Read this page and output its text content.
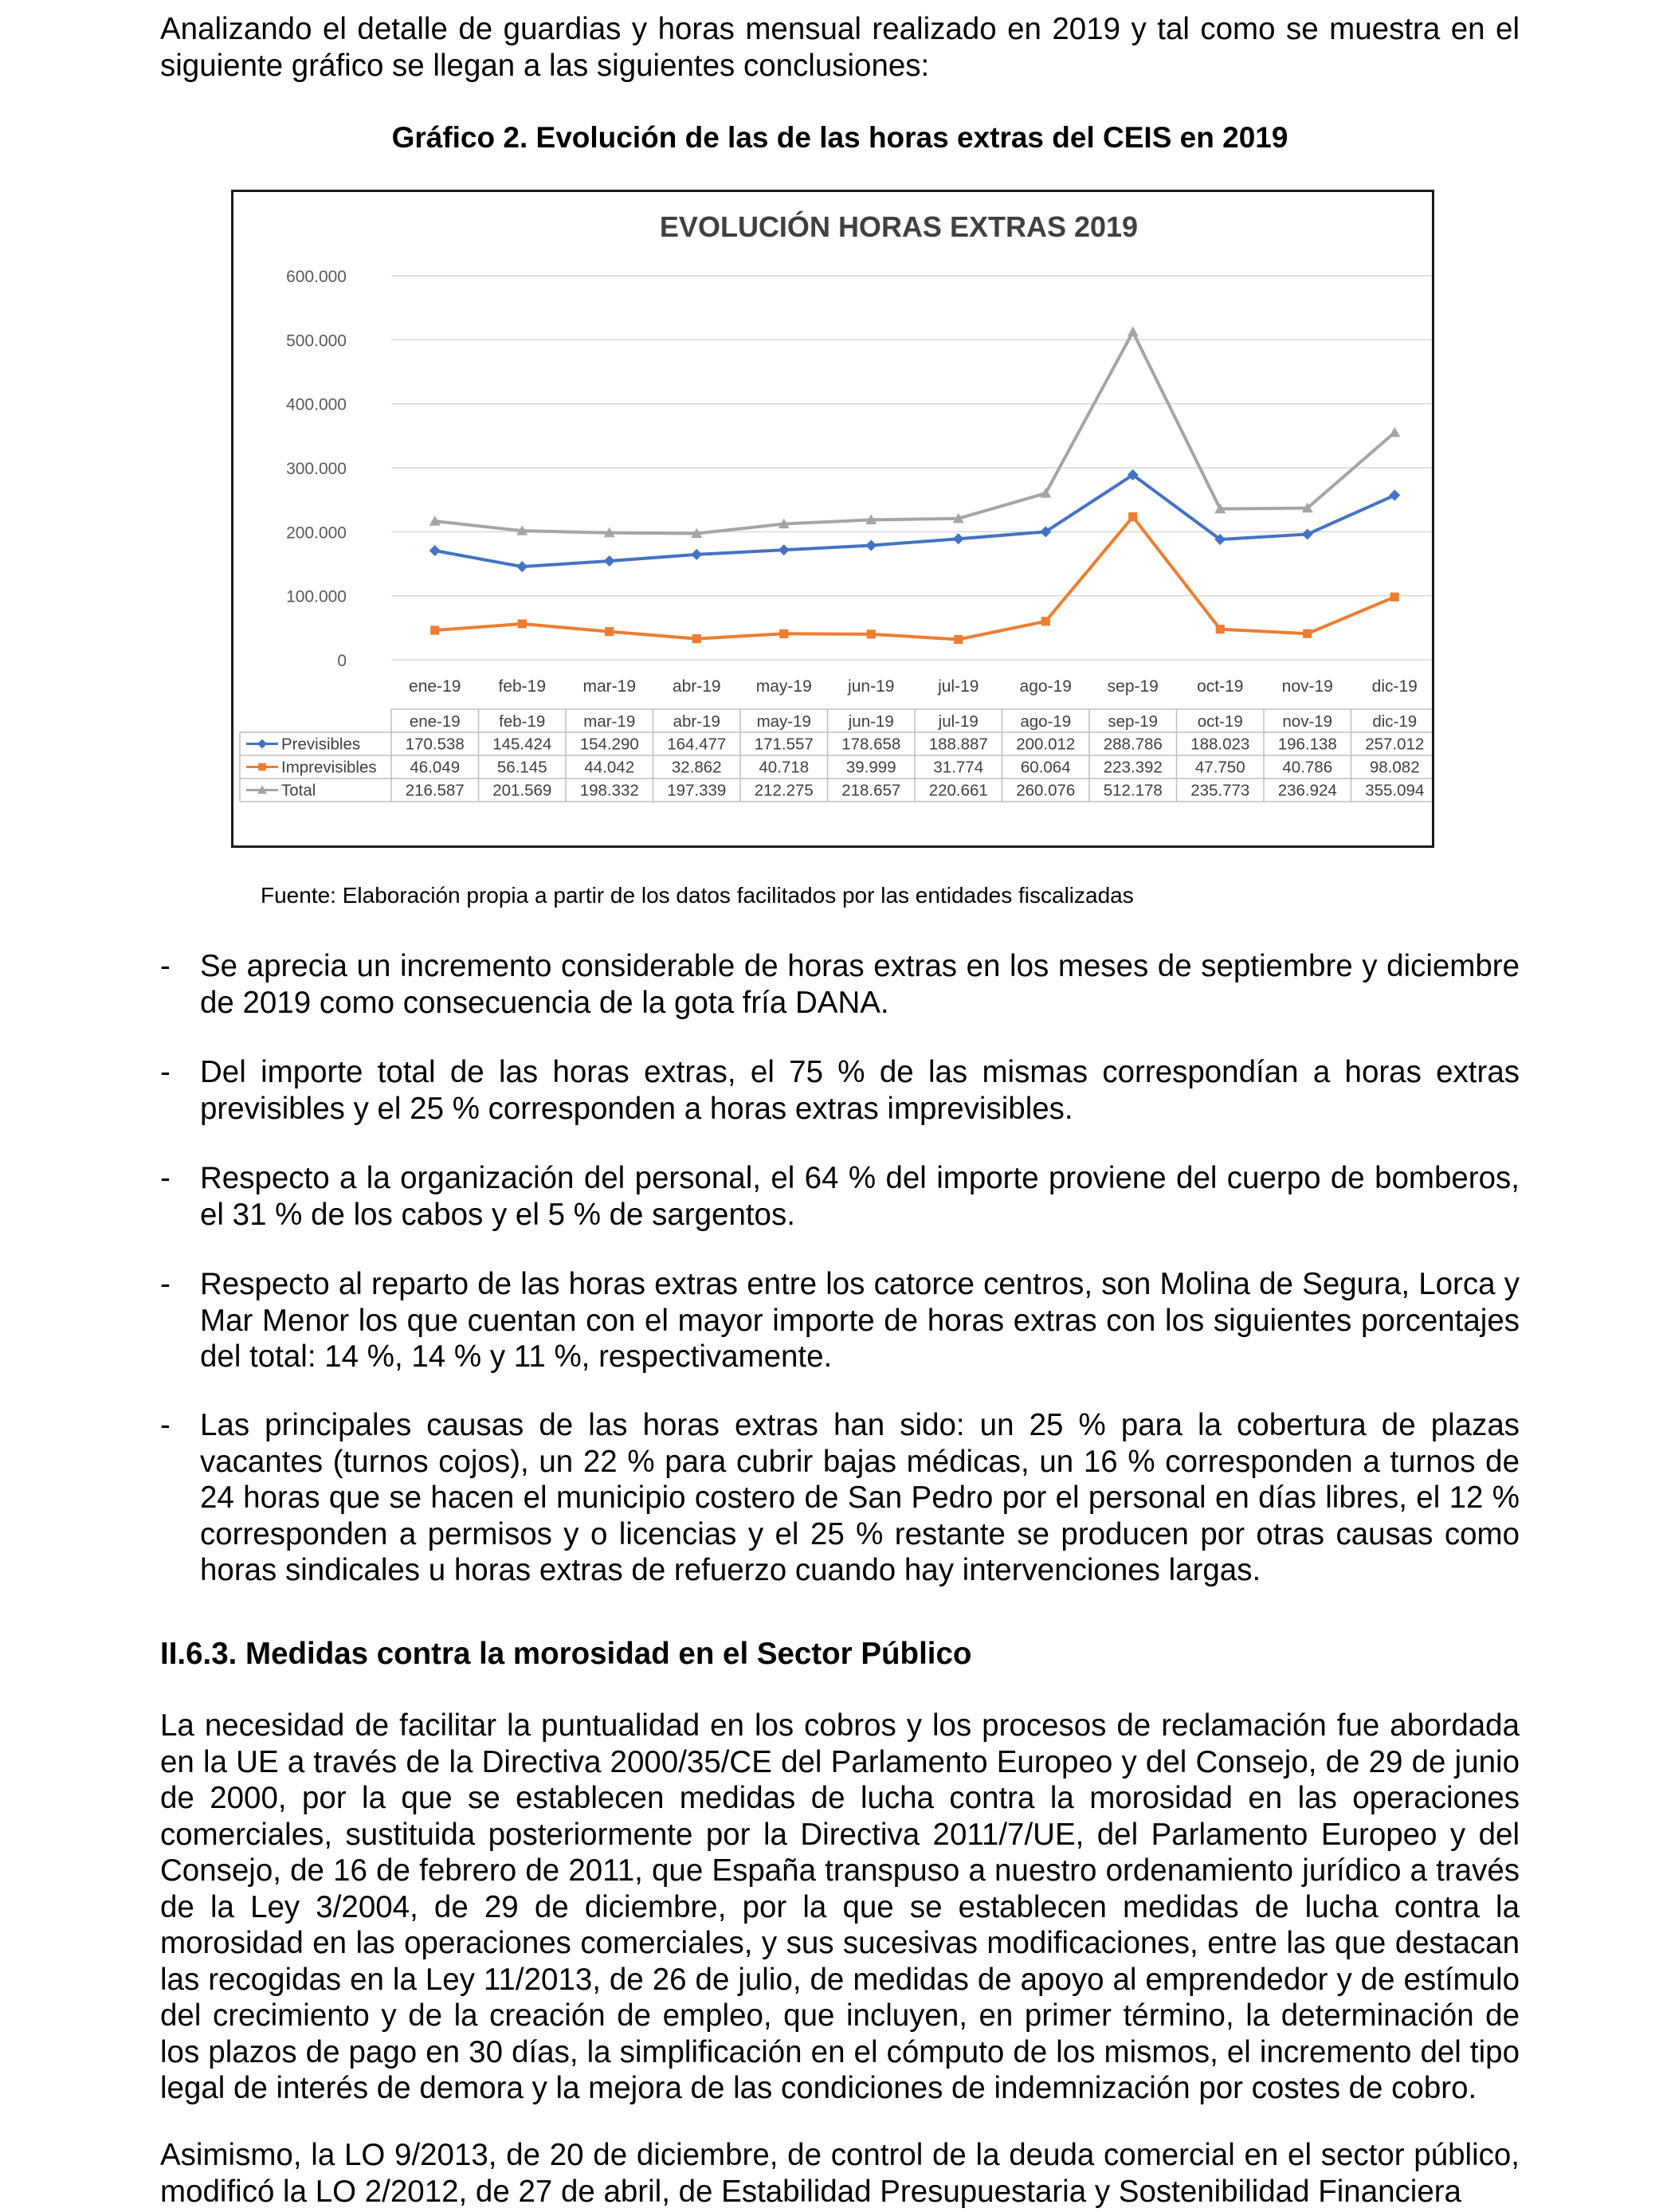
Analizando el detalle de guardias y horas mensual realizado en 2019 y tal como se muestra en el siguiente gráfico se llegan a las siguientes conclusiones:

Gráfico 2. Evolución de las de las horas extras del CEIS en 2019
EVOLUCIÓN HORAS EXTRAS 2019
600.000
500.000
400.000
300.000
200.000
100.000
0
ene-19 feb-19 mar-19 abr-19 may-19 jun-19	jul-19 ago-19 sep-19 oct-19 nov-19 dic-19
ene-19 feb-19 mar-19 abr-19 may-19 jun-19	jul-19	ago-19 sep-19 oct-19 nov-19 dic-19
Previsibles	170.538 145.424 154.290 164.477 171.557 178.658 188.887 200.012 288.786 188.023 196.138 257.012
Imprevisibles 46.049 56.145 44.042 32.862 40.718 39.999 31.774 60.064 223.392 47.750 40.786 98.082
Total	216.587 201.569 198.332 197.339 212.275 218.657 220.661 260.076 512.178 235.773 236.924 355.094
Fuente: Elaboración propia a partir de los datos facilitados por las entidades fiscalizadas
- Se aprecia un incremento considerable de horas extras en los meses de septiembre y diciembre de 2019 como consecuencia de la gota fría DANA.

- Del importe total de las horas extras, el 75 % de las mismas correspondían a horas extras previsibles y el 25 % corresponden a horas extras imprevisibles.

- Respecto a la organización del personal, el 64 % del importe proviene del cuerpo de bomberos, el 31 % de los cabos y el 5 % de sargentos.

- Respecto al reparto de las horas extras entre los catorce centros, son Molina de Segura, Lorca y Mar Menor los que cuentan con el mayor importe de horas extras con los siguientes porcentajes del total: 14 %, 14 % y 11 %, respectivamente.

- Las principales causas de las horas extras han sido: un 25 % para la cobertura de plazas vacantes (turnos cojos), un 22 % para cubrir bajas médicas, un 16 % corresponden a turnos de 24 horas que se hacen el municipio costero de San Pedro por el personal en días libres, el 12 % corresponden a permisos y o licencias y el 25 % restante se producen por otras causas como horas sindicales u horas extras de refuerzo cuando hay intervenciones largas.

II.6.3. Medidas contra la morosidad en el Sector Público

La necesidad de facilitar la puntualidad en los cobros y los procesos de reclamación fue abordada en la UE a través de la Directiva 2000/35/CE del Parlamento Europeo y del Consejo, de 29 de junio de 2000, por la que se establecen medidas de lucha contra la morosidad en las operaciones comerciales, sustituida posteriormente por la Directiva 2011/7/UE, del Parlamento Europeo y del Consejo, de 16 de febrero de 2011, que España transpuso a nuestro ordenamiento jurídico a través de la Ley 3/2004, de 29 de diciembre, por la que se establecen medidas de lucha contra la morosidad en las operaciones comerciales, y sus sucesivas modificaciones, entre las que destacan las recogidas en la Ley 11/2013, de 26 de julio, de medidas de apoyo al emprendedor y de estímulo del crecimiento y de la creación de empleo, que incluyen, en primer término, la determinación de los plazos de pago en 30 días, la simplificación en el cómputo de los mismos, el incremento del tipo legal de interés de demora y la mejora de las condiciones de indemnización por costes de cobro.

Asimismo, la LO 9/2013, de 20 de diciembre, de control de la deuda comercial en el sector público, modificó la LO 2/2012, de 27 de abril, de Estabilidad Presupuestaria y Sostenibilidad Financiera
